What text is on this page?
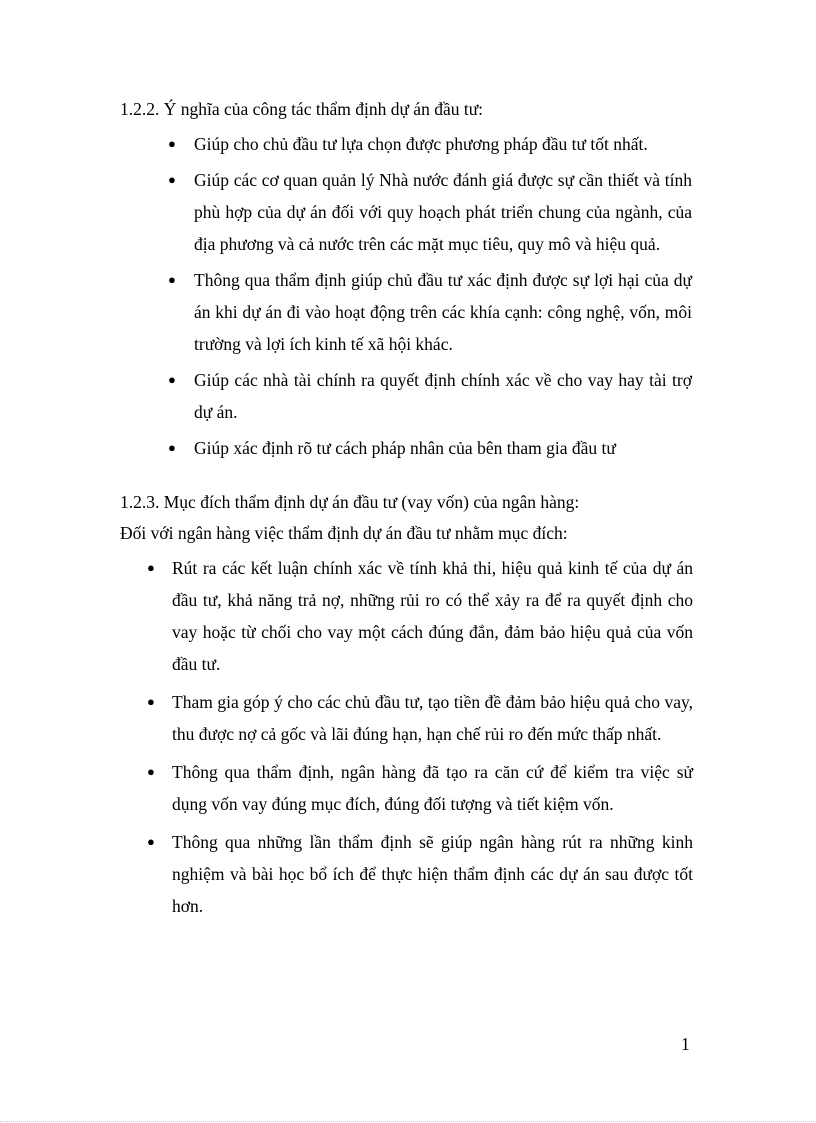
1.2.2. Ý nghĩa của công tác thẩm định dự án đầu tư:
● Giúp cho chủ đầu tư lựa chọn được phương pháp đầu tư tốt nhất.
● Giúp các cơ quan quản lý Nhà nước đánh giá được sự cần thiết và tính phù hợp của dự án đối với quy hoạch phát triển chung của ngành, của địa phương và cả nước trên các mặt mục tiêu, quy mô và hiệu quả.
● Thông qua thẩm định giúp chủ đầu tư xác định được sự lợi hại của dự án khi dự án đi vào hoạt động trên các khía cạnh: công nghệ, vốn, môi trường và lợi ích kinh tế xã hội khác.
● Giúp các nhà tài chính ra quyết định chính xác về cho vay hay tài trợ dự án.
● Giúp xác định rõ tư cách pháp nhân của bên tham gia đầu tư
1.2.3. Mục đích thẩm định dự án đầu tư (vay vốn) của ngân hàng:
Đối với ngân hàng việc thẩm định dự án đầu tư nhằm mục đích:
● Rút ra các kết luận chính xác về tính khả thi, hiệu quả kinh tế của dự án đầu tư, khả năng trả nợ, những rủi ro có thể xảy ra để ra quyết định cho vay hoặc từ chối cho vay một cách đúng đắn, đảm bảo hiệu quả của vốn đầu tư.
● Tham gia góp ý cho các chủ đầu tư, tạo tiền đề đảm bảo hiệu quả cho vay, thu được nợ cả gốc và lãi đúng hạn, hạn chế rủi ro đến mức thấp nhất.
● Thông qua thẩm định, ngân hàng đã tạo ra căn cứ để kiểm tra việc sử dụng vốn vay đúng mục đích, đúng đối tượng và tiết kiệm vốn.
● Thông qua những lần thẩm định sẽ giúp ngân hàng rút ra những kinh nghiệm và bài học bổ ích để thực hiện thẩm định các dự án sau được tốt hơn.
1
